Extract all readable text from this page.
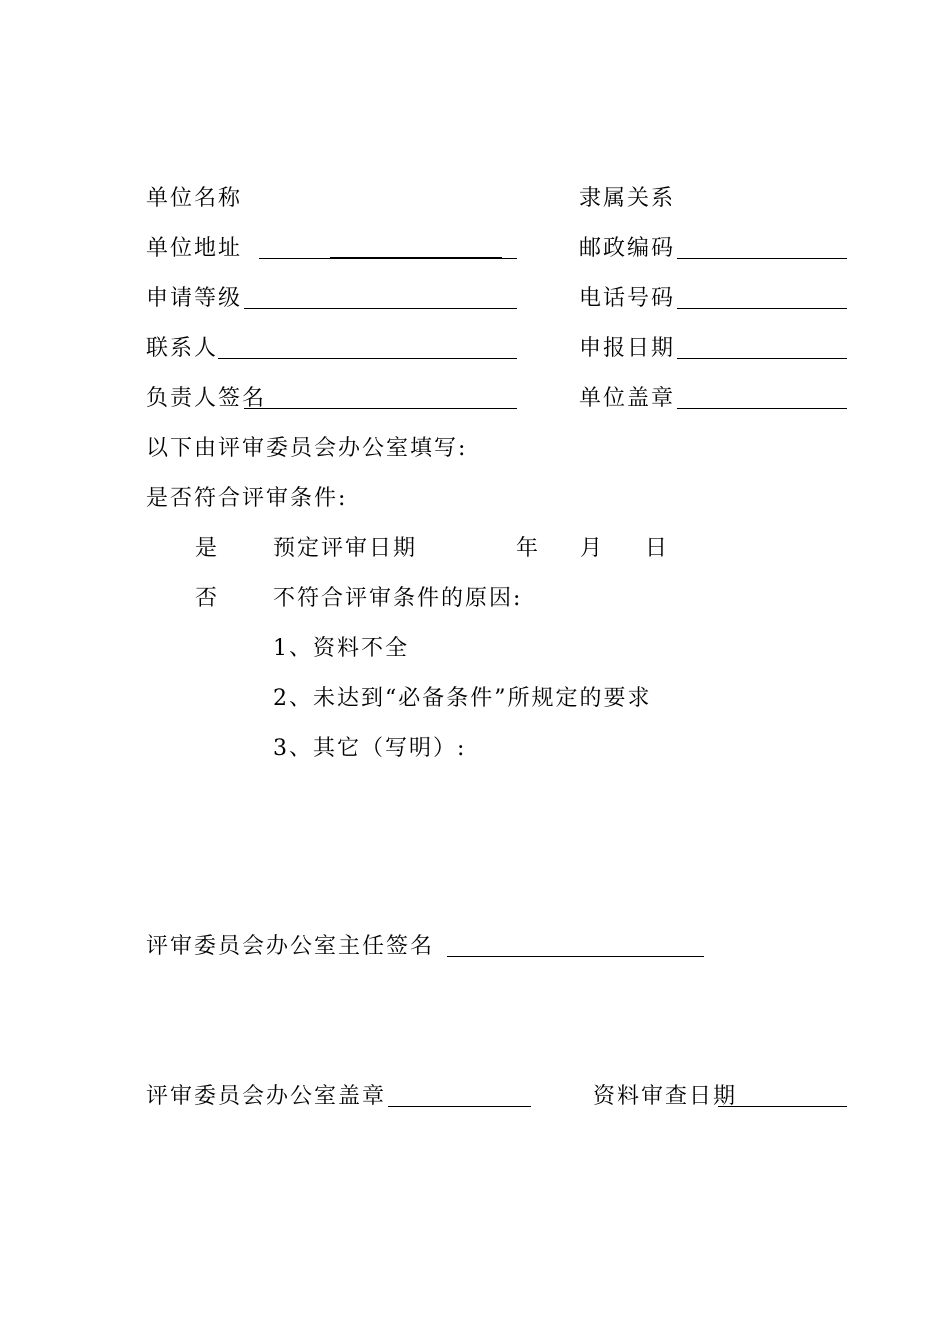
单位名称	隶属关系
单位地址	邮政编码
申请等级	电话号码
联系人	申报日期
负责人签名	单位盖章
以下由评审委员会办公室填写:
是否符合评审条件:
是 预定评审日期	年 月 日
否 不符合评审条件的原因:
1、资料不全
2、未达到“必备条件”所规定的要求
3、其它（写明）:
评审委员会办公室主任签名
评审委员会办公室盖章	资料审查日期
